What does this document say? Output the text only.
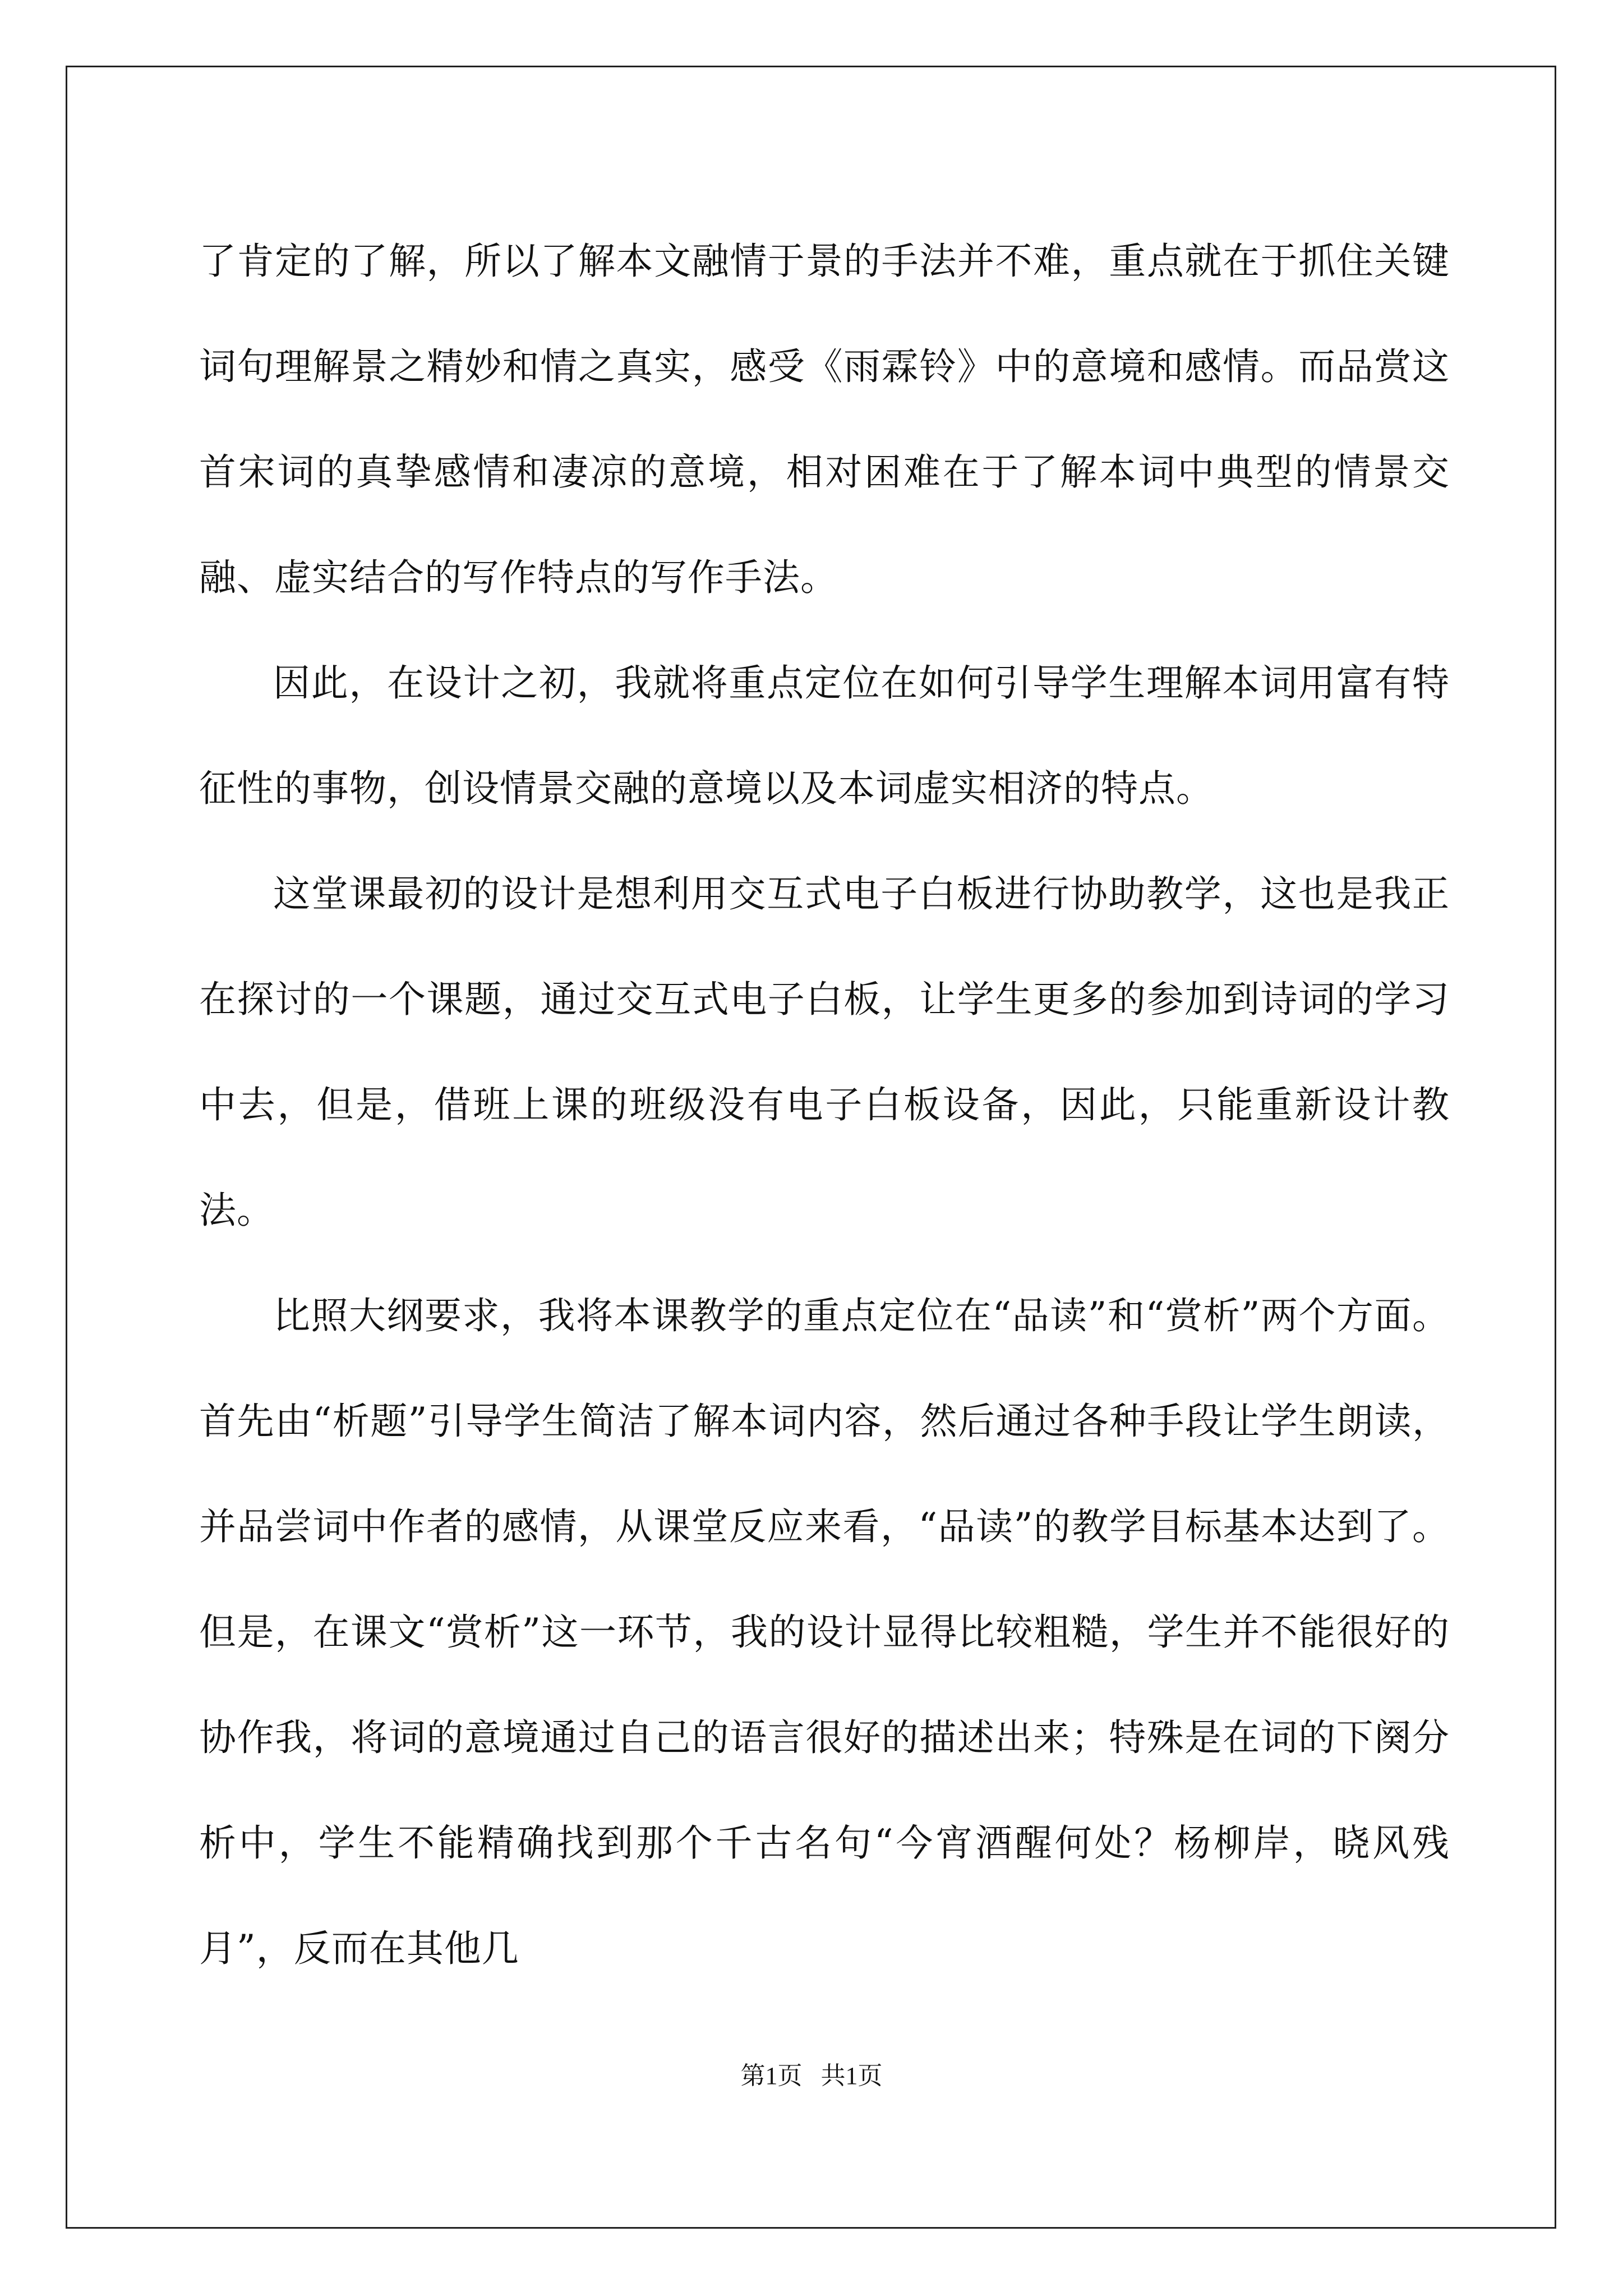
了肯定的了解，所以了解本文融情于景的手法并不难，重点就在于抓住关键词句理解景之精妙和情之真实，感受《雨霖铃》中的意境和感情。而品赏这首宋词的真挚感情和凄凉的意境，相对困难在于了解本词中典型的情景交融、虚实结合的写作特点的写作手法。

因此，在设计之初，我就将重点定位在如何引导学生理解本词用富有特征性的事物，创设情景交融的意境以及本词虚实相济的特点。

这堂课最初的设计是想利用交互式电子白板进行协助教学，这也是我正在探讨的一个课题，通过交互式电子白板，让学生更多的参加到诗词的学习中去，但是，借班上课的班级没有电子白板设备，因此，只能重新设计教法。

比照大纲要求，我将本课教学的重点定位在“品读”和“赏析”两个方面。首先由“析题”引导学生简洁了解本词内容，然后通过各种手段让学生朗读，并品尝词中作者的感情，从课堂反应来看，“品读”的教学目标基本达到了。但是，在课文“赏析”这一环节，我的设计显得比较粗糙，学生并不能很好的协作我，将词的意境通过自己的语言很好的描述出来；特殊是在词的下阕分析中，学生不能精确找到那个千古名句“今宵酒醒何处？杨柳岸，晓风残月”，反而在其他几

第1页   共1页
